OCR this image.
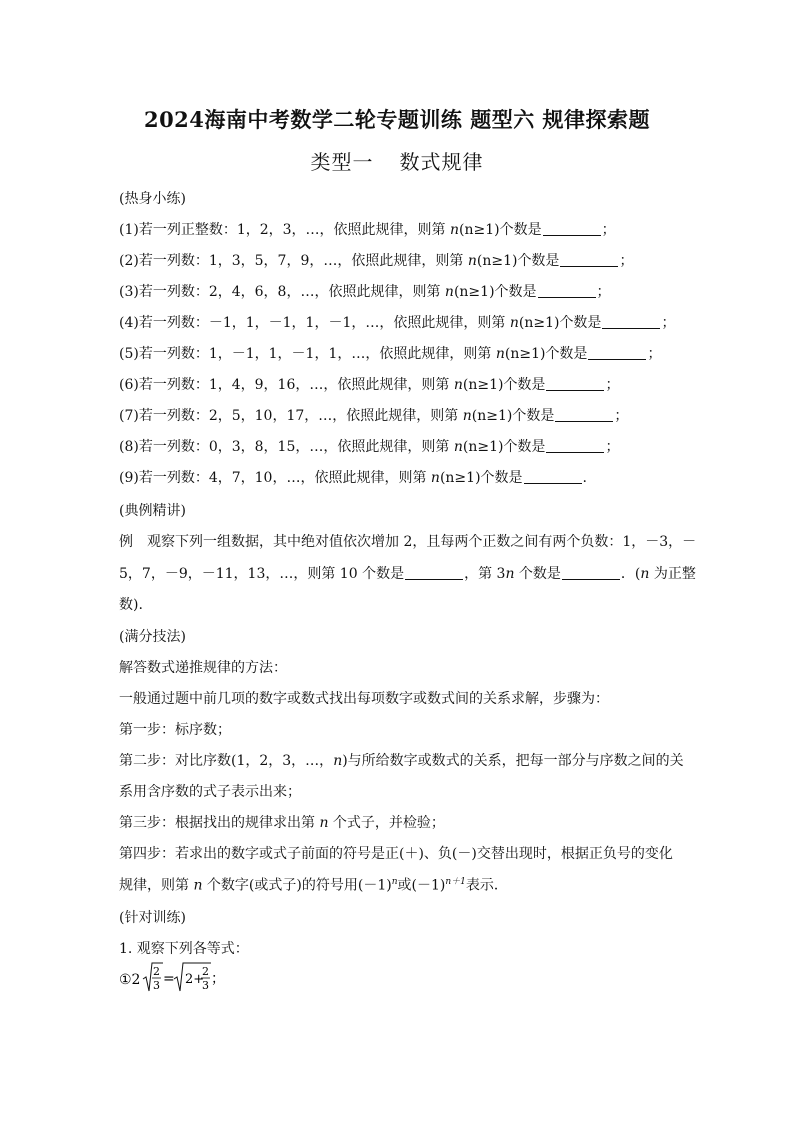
2024海南中考数学二轮专题训练 题型六 规律探索题
类型一 数式规律
(热身小练)
(1)若一列正整数：1，2，3，…，依照此规律，则第 n(n≥1)个数是	；
(2)若一列数：1，3，5，7，9，…，依照此规律，则第 n(n≥1)个数是	；
(3)若一列数：2，4，6，8，…，依照此规律，则第 n(n≥1)个数是	；
(4)若一列数：－1，1，－1，1，－1，…，依照此规律，则第 n(n≥1)个数是	；
(5)若一列数：1，－1，1，－1，1，…，依照此规律，则第 n(n≥1)个数是	；
(6)若一列数：1，4，9，16，…，依照此规律，则第 n(n≥1)个数是	；
(7)若一列数：2，5，10，17，…，依照此规律，则第 n(n≥1)个数是	；
(8)若一列数：0，3，8，15，…，依照此规律，则第 n(n≥1)个数是	；
(9)若一列数：4，7，10，…，依照此规律，则第 n(n≥1)个数是	.
(典例精讲)
例　观察下列一组数据，其中绝对值依次增加 2，且每两个正数之间有两个负数：1，－3，－
5，7，－9，－11，13，…，则第 10 个数是	，第 3n 个数是	．(n 为正整
数).
(满分技法)
解答数式递推规律的方法：
一般通过题中前几项的数字或数式找出每项数字或数式间的关系求解，步骤为：
第一步：标序数；
第二步：对比序数(1，2，3，…，n)与所给数字或数式的关系，把每一部分与序数之间的关
系用含序数的式子表示出来；
第三步：根据找出的规律求出第 n 个式子，并检验；
第四步：若求出的数字或式子前面的符号是正(＋)、负(－)交替出现时，根据正负号的变化
规律，则第 n 个数字(或式子)的符号用$(-1)^n$或$(-1)^{n+1}$表示．
(针对训练)
1. 观察下列各等式：
①2
2
3 = 2+
2
3 ；
